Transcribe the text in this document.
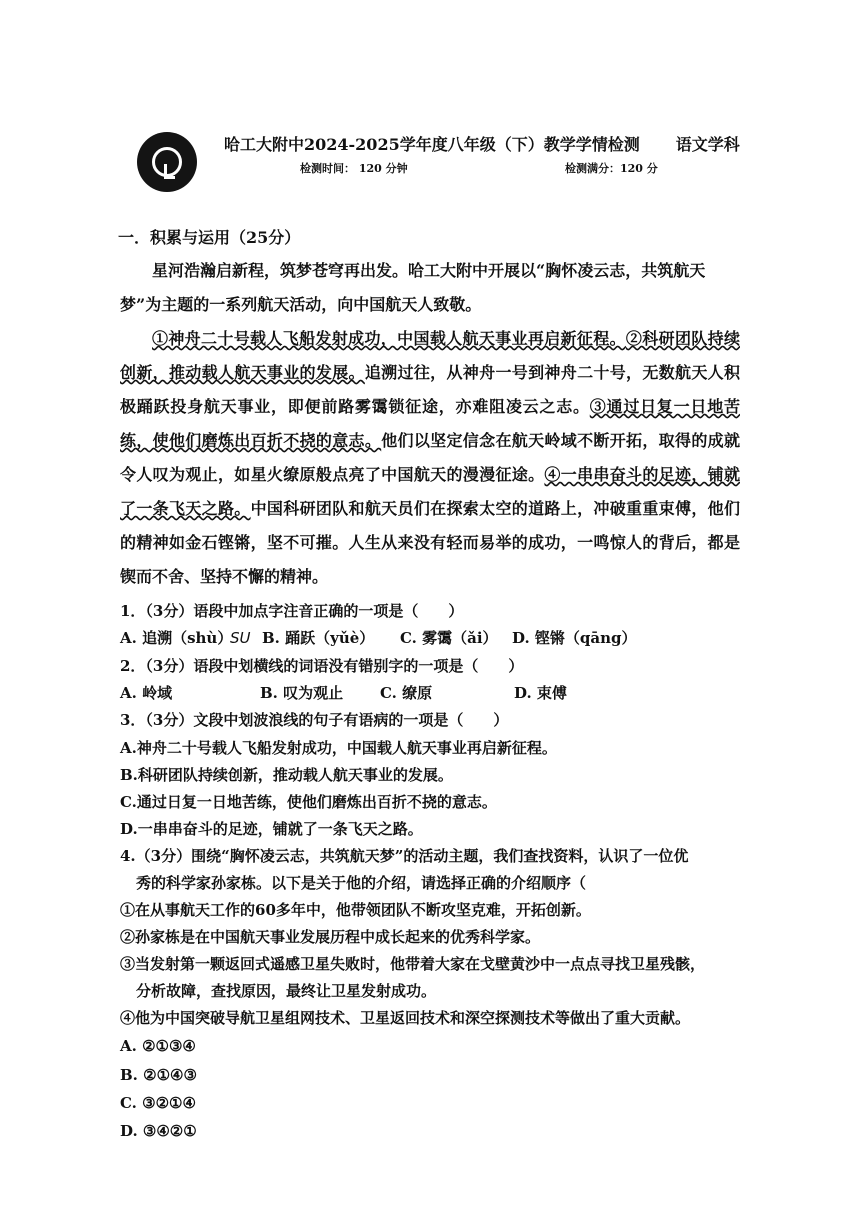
哈工大附中2024-2025学年度八年级（下）教学学情检测 语文学科
检测时间： 120 分钟	检测满分：120 分
一．积累与运用（25分）
星河浩瀚启新程，筑梦苍穹再出发。哈工大附中开展以“胸怀凌云志，共筑航天梦”为主题的一系列航天活动，向中国航天人致敬。
①神舟二十号载人飞船发射成功，中国载人航天事业再启新征程。②科研团队持续创新，推动载人航天事业的发展。追溯过往，从神舟一号到神舟二十号，无数航天人积极踊跃投身航天事业，即便前路雾霭锁征途，亦难阻凌云之志。③通过日复一日地苦练，使他们磨炼出百折不挠的意志。他们以坚定信念在航天岭域不断开拓，取得的成就令人叹为观止，如星火缭原般点亮了中国航天的漫漫征途。④一串串奋斗的足迹，铺就了一条飞天之路。中国科研团队和航天员们在探索太空的道路上，冲破重重束傅，他们的精神如金石铿锵，坚不可摧。人生从来没有轻而易举的成功，一鸣惊人的背后，都是锲而不舍、坚持不懈的精神。
1．（3分）语段中加点字注音正确的一项是（　　）
A. 追溯（shù）SU B. 踊跃（yǔè） C. 雾霭（ǎi） D. 铿锵（qāng）
2．（3分）语段中划横线的词语没有错别字的一项是（　　）
A. 岭域	B. 叹为观止 C. 缭原	D. 束傅
3．（3分）文段中划波浪线的句子有语病的一项是（　　）
A.神舟二十号载人飞船发射成功，中国载人航天事业再启新征程。
B.科研团队持续创新，推动载人航天事业的发展。
C.通过日复一日地苦练，使他们磨炼出百折不挠的意志。
D.一串串奋斗的足迹，铺就了一条飞天之路。
4.（3分）围绕“胸怀凌云志，共筑航天梦”的活动主题，我们查找资料，认识了一位优
秀的科学家孙家栋。以下是关于他的介绍，请选择正确的介绍顺序（
①在从事航天工作的60多年中，他带领团队不断攻坚克难，开拓创新。
②孙家栋是在中国航天事业发展历程中成长起来的优秀科学家。
③当发射第一颗返回式遥感卫星失败时，他带着大家在戈壁黄沙中一点点寻找卫星残骸，
分析故障，查找原因，最终让卫星发射成功。
④他为中国突破导航卫星组网技术、卫星返回技术和深空探测技术等做出了重大贡献。
A. ②①③④
B. ②①④③
C. ③②①④
D. ③④②①
